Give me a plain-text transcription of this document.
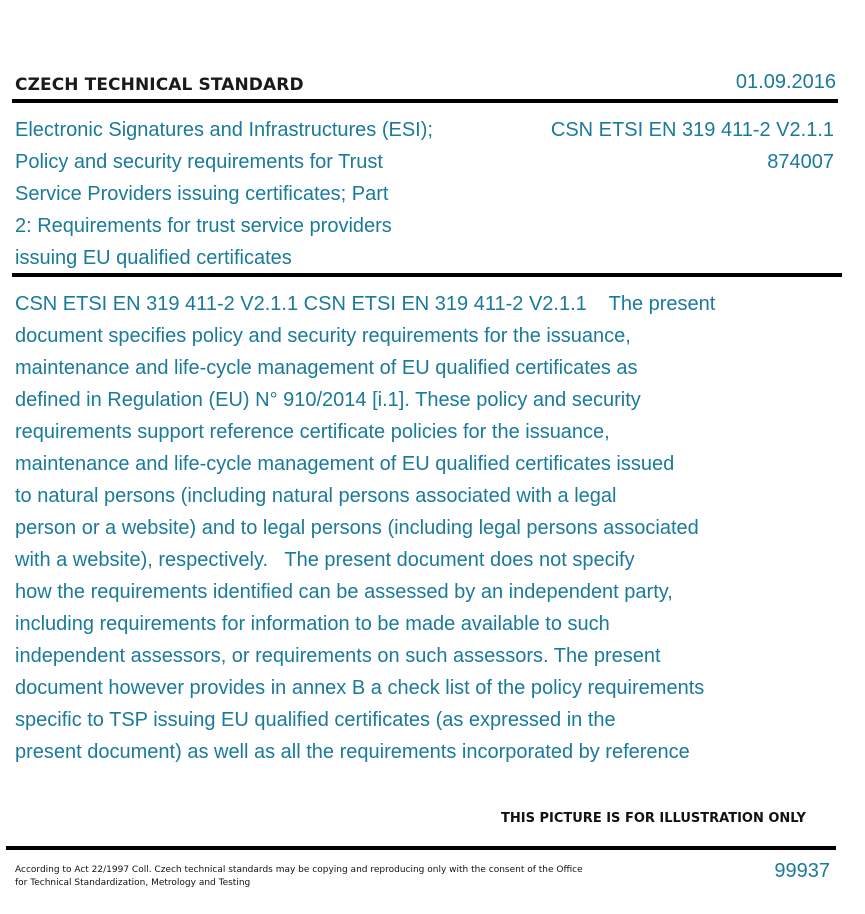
CZECH TECHNICAL STANDARD	01.09.2016
Electronic Signatures and Infrastructures (ESI);
Policy and security requirements for Trust
Service Providers issuing certificates; Part
2: Requirements for trust service providers
issuing EU qualified certificates
CSN ETSI EN 319 411-2 V2.1.1
874007
CSN ETSI EN 319 411-2 V2.1.1 CSN ETSI EN 319 411-2 V2.1.1    The present
document specifies policy and security requirements for the issuance,
maintenance and life-cycle management of EU qualified certificates as
defined in Regulation (EU) N° 910/2014 [i.1]. These policy and security
requirements support reference certificate policies for the issuance,
maintenance and life-cycle management of EU qualified certificates issued
to natural persons (including natural persons associated with a legal
person or a website) and to legal persons (including legal persons associated
with a website), respectively.   The present document does not specify
how the requirements identified can be assessed by an independent party,
including requirements for information to be made available to such
independent assessors, or requirements on such assessors. The present
document however provides in annex B a check list of the policy requirements
specific to TSP issuing EU qualified certificates (as expressed in the
present document) as well as all the requirements incorporated by reference
THIS PICTURE IS FOR ILLUSTRATION ONLY
According to Act 22/1997 Coll. Czech technical standards may be copying and reproducing only with the consent of the Office
for Technical Standardization, Metrology and Testing
99937
